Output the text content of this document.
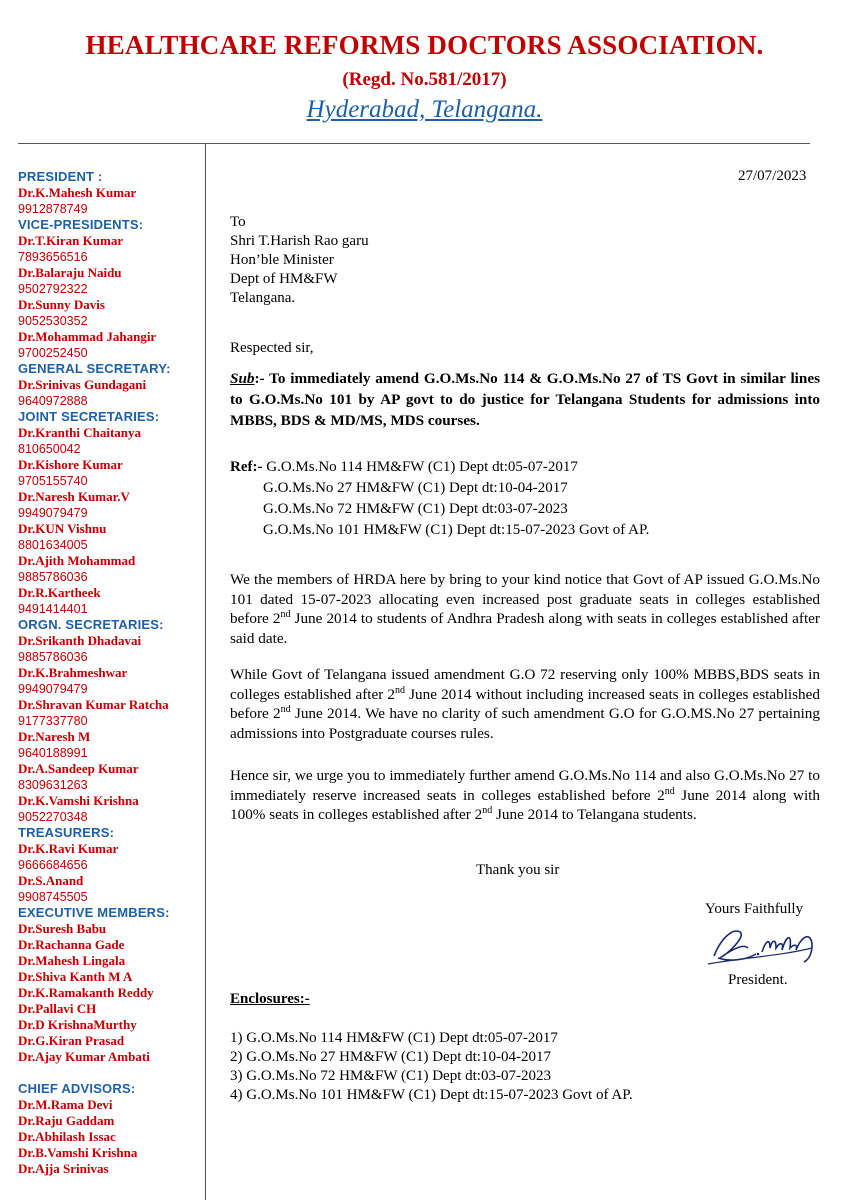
HEALTHCARE REFORMS DOCTORS ASSOCIATION.
(Regd. No.581/2017)
Hyderabad, Telangana.
PRESIDENT :
Dr.K.Mahesh Kumar
9912878749
VICE-PRESIDENTS:
Dr.T.Kiran Kumar
7893656516
Dr.Balaraju Naidu
9502792322
Dr.Sunny Davis
9052530352
Dr.Mohammad Jahangir
9700252450
GENERAL SECRETARY:
Dr.Srinivas Gundagani
9640972888
JOINT SECRETARIES:
Dr.Kranthi Chaitanya
810650042
Dr.Kishore Kumar
9705155740
Dr.Naresh Kumar.V
9949079479
Dr.KUN Vishnu
8801634005
Dr.Ajith Mohammad
9885786036
Dr.R.Kartheek
9491414401
ORGN. SECRETARIES:
Dr.Srikanth Dhadavai
9885786036
Dr.K.Brahmeshwar
9949079479
Dr.Shravan Kumar Ratcha
9177337780
Dr.Naresh M
9640188991
Dr.A.Sandeep Kumar
8309631263
Dr.K.Vamshi Krishna
9052270348
TREASURERS:
Dr.K.Ravi Kumar
9666684656
Dr.S.Anand
9908745505
EXECUTIVE MEMBERS:
Dr.Suresh Babu
Dr.Rachanna Gade
Dr.Mahesh Lingala
Dr.Shiva Kanth M A
Dr.K.Ramakanth Reddy
Dr.Pallavi CH
Dr.D KrishnaMurthy
Dr.G.Kiran Prasad
Dr.Ajay Kumar Ambati
CHIEF ADVISORS:
Dr.M.Rama Devi
Dr.Raju Gaddam
Dr.Abhilash Issac
Dr.B.Vamshi Krishna
Dr.Ajja Srinivas
27/07/2023
To
Shri T.Harish Rao garu
Hon’ble Minister
Dept of HM&FW
Telangana.
Respected sir,
Sub:- To immediately amend G.O.Ms.No 114 & G.O.Ms.No 27 of TS Govt in similar lines to G.O.Ms.No 101 by AP govt to do justice for Telangana Students for admissions into MBBS, BDS & MD/MS, MDS courses.
Ref:- G.O.Ms.No 114 HM&FW (C1) Dept dt:05-07-2017
G.O.Ms.No 27 HM&FW (C1) Dept dt:10-04-2017
G.O.Ms.No 72 HM&FW (C1) Dept dt:03-07-2023
G.O.Ms.No 101 HM&FW (C1) Dept dt:15-07-2023 Govt of AP.
We the members of HRDA here by bring to your kind notice that Govt of AP issued G.O.Ms.No 101 dated 15-07-2023 allocating even increased post graduate seats in colleges established before 2nd June 2014 to students of Andhra Pradesh along with seats in colleges established after said date.
While Govt of Telangana issued amendment G.O 72 reserving only 100% MBBS,BDS seats in colleges established after 2nd June 2014 without including increased seats in colleges established before 2nd June 2014. We have no clarity of such amendment G.O for G.O.MS.No 27 pertaining admissions into Postgraduate courses rules.
Hence sir, we urge you to immediately further amend G.O.Ms.No 114 and also G.O.Ms.No 27 to immediately reserve increased seats in colleges established before 2nd June 2014 along with 100% seats in colleges established after 2nd June 2014 to Telangana students.
Thank you sir
Yours Faithfully
President.
Enclosures:-
1) G.O.Ms.No 114 HM&FW (C1) Dept dt:05-07-2017
2) G.O.Ms.No 27 HM&FW (C1) Dept dt:10-04-2017
3) G.O.Ms.No 72 HM&FW (C1) Dept dt:03-07-2023
4) G.O.Ms.No 101 HM&FW (C1) Dept dt:15-07-2023 Govt of AP.
